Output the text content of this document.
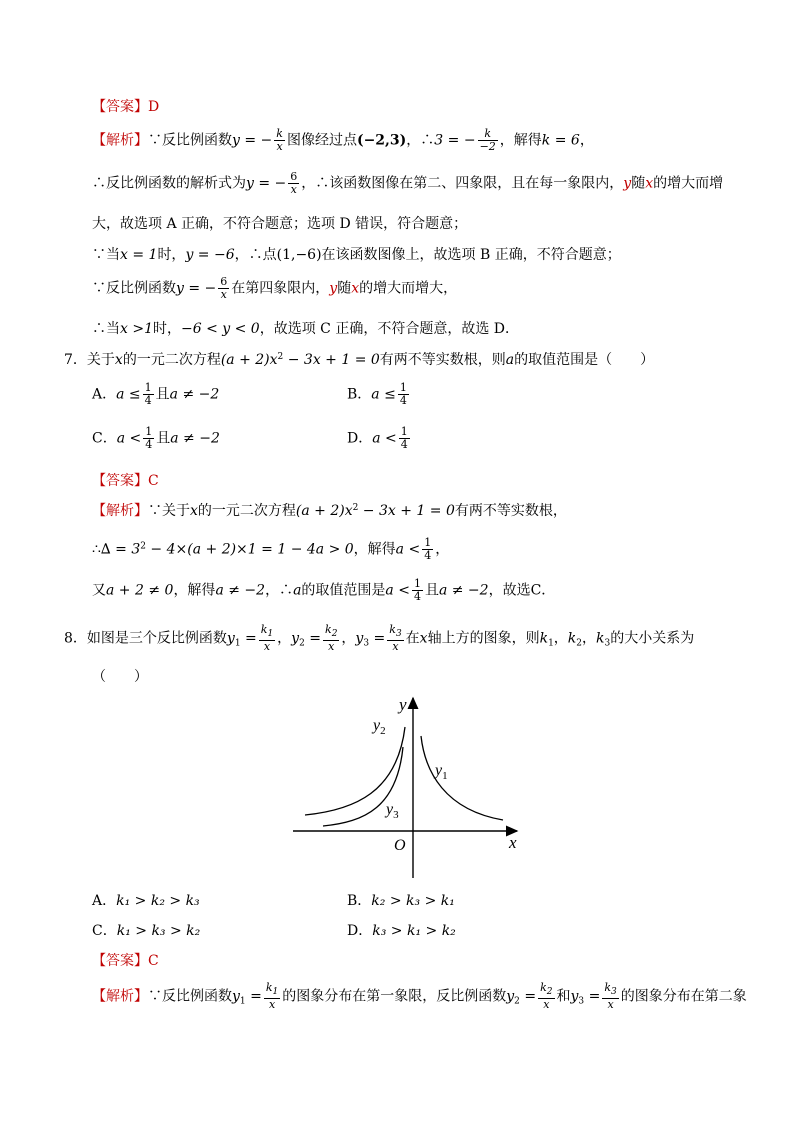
【答案】D
【解析】∵反比例函数y = − $\frac{k}{x}$ 图像经过点(−2,3)，∴3 = − $\frac{k}{-2}$ ，解得k = 6，
∴反比例函数的解析式为y = − $\frac{6}{x}$ ，∴该函数图像在第二、四象限，且在每一象限内，y随x的增大而增
大，故选项 A 正确，不符合题意；选项 D 错误，符合题意；
∵当x = 1时，y = −6，∴点(1,−6)在该函数图像上，故选项 B 正确，不符合题意；
∵反比例函数y = − $\frac{6}{x}$ 在第四象限内，y随x的增大而增大，
∴当x >1时，−6 < y < 0，故选项 C 正确，不符合题意，故选 D．
7．关于x的一元二次方程$(a + 2)x^2 - 3x + 1 = 0$有两不等实数根，则a的取值范围是（　　）
A．$a \le \frac{1}{4}$ 且a ≠ −2	B．$a \le \frac{1}{4}$
C．$a < \frac{1}{4}$ 且a ≠ −2	D．$a < \frac{1}{4}$
【答案】C
【解析】∵关于x的一元二次方程$(a + 2)x^2 - 3x + 1 = 0$有两不等实数根，
∴∆ = $3^2 - 4\times(a + 2)\times 1 = 1 - 4a > 0$，解得$a < \frac{1}{4}$ ，
又a + 2 ≠ 0，解得a ≠ −2，∴a的取值范围是$a < \frac{1}{4}$ 且a ≠ −2，故选C．
8．如图是三个反比例函数$y_1 = \frac{k_1}{x}$ ，$y_2 = \frac{k_2}{x}$ ，$y_3 = \frac{k_3}{x}$ 在x轴上方的图象，则$k_1$，$k_2$，$k_3$的大小关系为
（　　）
y
x
O
$y_1$
$y_2$
$y_3$
A．k₁ > k₂ > k₃	B．k₂ > k₃ > k₁
C．k₁ > k₃ > k₂	D．k₃ > k₁ > k₂
【答案】C
【解析】∵反比例函数$y_1 = \frac{k_1}{x}$ 的图象分布在第一象限，反比例函数$y_2 = \frac{k_2}{x}$ 和$y_3 = \frac{k_3}{x}$ 的图象分布在第二象
